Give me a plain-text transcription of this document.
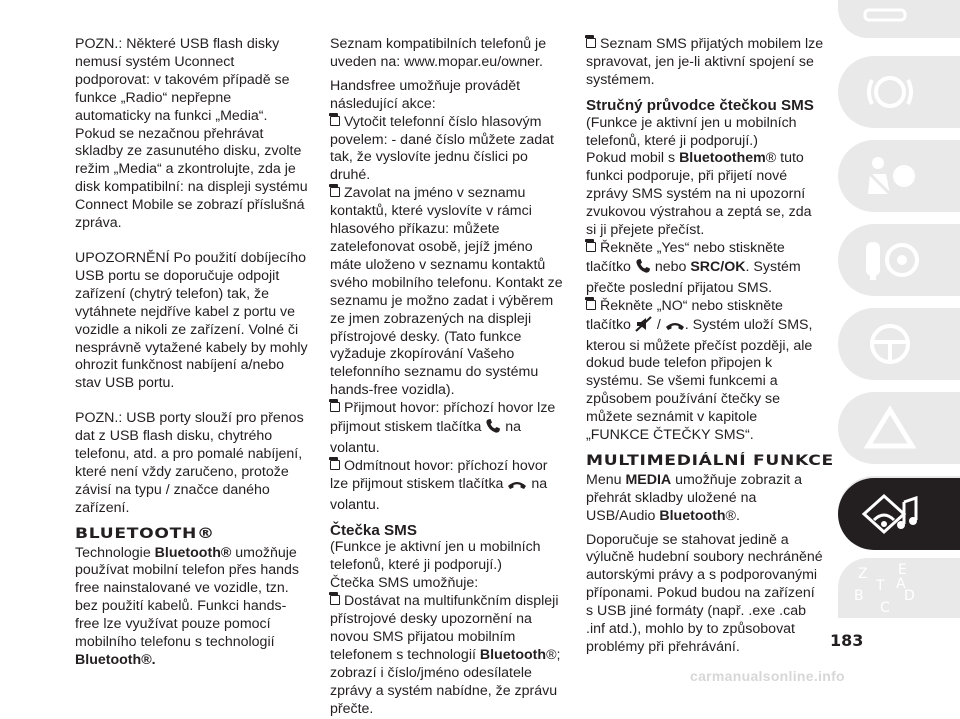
POZN.: Některé USB flash disky nemusí systém Uconnect podporovat: v takovém případě se funkce „Radio“ nepřepne automaticky na funkci „Media“. Pokud se nezačnou přehrávat skladby ze zasunutého disku, zvolte režim „Media“ a zkontrolujte, zda je disk kompatibilní: na displeji systému Connect Mobile se zobrazí příslušná zpráva.

UPOZORNĚNÍ Po použití dobíjecího USB portu se doporučuje odpojit zařízení (chytrý telefon) tak, že vytáhnete nejdříve kabel z portu ve vozidle a nikoli ze zařízení. Volné či nesprávně vytažené kabely by mohly ohrozit funkčnost nabíjení a/nebo stav USB portu.

POZN.: USB porty slouží pro přenos dat z USB flash disku, chytrého telefonu, atd. a pro pomalé nabíjení, které není vždy zaručeno, protože závisí na typu / značce daného zařízení.

BLUETOOTH®

Technologie Bluetooth® umožňuje používat mobilní telefon přes hands free nainstalované ve vozidle, tzn. bez použití kabelů. Funkci hands-free lze využívat pouze pomocí mobilního telefonu s technologií Bluetooth®.

Seznam kompatibilních telefonů je uveden na: www.mopar.eu/owner.

Handsfree umožňuje provádět následující akce:

Vytočit telefonní číslo hlasovým povelem: - dané číslo můžete zadat tak, že vyslovíte jednu číslici po druhé.

Zavolat na jméno v seznamu kontaktů, které vyslovíte v rámci hlasového příkazu: můžete zatelefonovat osobě, jejíž jméno máte uloženo v seznamu kontaktů svého mobilního telefonu. Kontakt ze seznamu je možno zadat i výběrem ze jmen zobrazených na displeji přístrojové desky. (Tato funkce vyžaduje zkopírování Vašeho telefonního seznamu do systému hands-free vozidla).

Přijmout hovor: příchozí hovor lze přijmout stiskem tlačítka  na volantu.

Odmítnout hovor: příchozí hovor lze přijmout stiskem tlačítka  na volantu.

Čtečka SMS

(Funkce je aktivní jen u mobilních telefonů, které ji podporují.)

Čtečka SMS umožňuje:

Dostávat na multifunkčním displeji přístrojové desky upozornění na novou SMS přijatou mobilním telefonem s technologií Bluetooth®; zobrazí i číslo/jméno odesílatele zprávy a systém nabídne, že zprávu přečte.

Seznam SMS přijatých mobilem lze spravovat, jen je-li aktivní spojení se systémem.

Stručný průvodce čtečkou SMS

(Funkce je aktivní jen u mobilních telefonů, které ji podporují.)

Pokud mobil s Bluetoothem® tuto funkci podporuje, při přijetí nové zprávy SMS systém na ni upozorní zvukovou výstrahou a zeptá se, zda si ji přejete přečíst.

Řekněte „Yes“ nebo stiskněte tlačítko  nebo SRC/OK. Systém přečte poslední přijatou SMS.

Řekněte „NO“ nebo stiskněte tlačítko  / . Systém uloží SMS, kterou si můžete přečíst později, ale dokud bude telefon připojen k systému. Se všemi funkcemi a způsobem používání čtečky se můžete seznámit v kapitole „FUNKCE ČTEČKY SMS“.

MULTIMEDIÁLNÍ FUNKCE

Menu MEDIA umožňuje zobrazit a přehrát skladby uložené na USB/Audio Bluetooth®.

Doporučuje se stahovat jedině a výlučně hudební soubory nechráněné autorskými právy a s podporovanými příponami. Pokud budou na zařízení s USB jiné formáty (např. .exe .cab .inf atd.), mohlo by to způsobovat problémy při přehrávání.

Z E
B
C
D
A
T
183
carmanualsonline.info
